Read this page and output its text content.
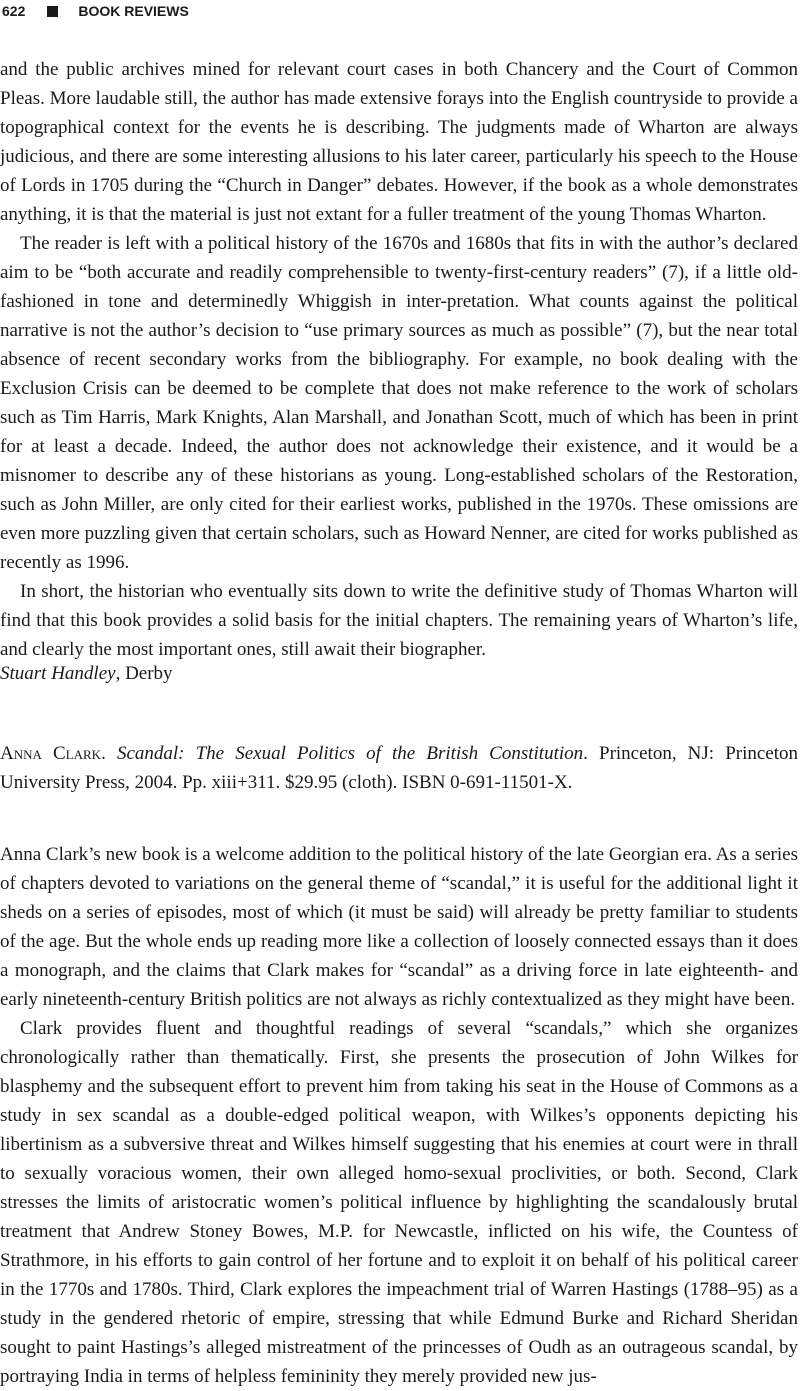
622	BOOK REVIEWS

and the public archives mined for relevant court cases in both Chancery and the Court of Common Pleas. More laudable still, the author has made extensive forays into the English countryside to provide a topographical context for the events he is describing. The judgments made of Wharton are always judicious, and there are some interesting allusions to his later career, particularly his speech to the House of Lords in 1705 during the “Church in Danger” debates. However, if the book as a whole demonstrates anything, it is that the material is just not extant for a fuller treatment of the young Thomas Wharton.

The reader is left with a political history of the 1670s and 1680s that fits in with the author’s declared aim to be “both accurate and readily comprehensible to twenty-first-century readers” (7), if a little old-fashioned in tone and determinedly Whiggish in inter-pretation. What counts against the political narrative is not the author’s decision to “use primary sources as much as possible” (7), but the near total absence of recent secondary works from the bibliography. For example, no book dealing with the Exclusion Crisis can be deemed to be complete that does not make reference to the work of scholars such as Tim Harris, Mark Knights, Alan Marshall, and Jonathan Scott, much of which has been in print for at least a decade. Indeed, the author does not acknowledge their existence, and it would be a misnomer to describe any of these historians as young. Long-established scholars of the Restoration, such as John Miller, are only cited for their earliest works, published in the 1970s. These omissions are even more puzzling given that certain scholars, such as Howard Nenner, are cited for works published as recently as 1996.

In short, the historian who eventually sits down to write the definitive study of Thomas Wharton will find that this book provides a solid basis for the initial chapters. The remaining years of Wharton’s life, and clearly the most important ones, still await their biographer.

Stuart Handley, Derby

Anna Clark. Scandal: The Sexual Politics of the British Constitution. Princeton, NJ: Princeton University Press, 2004. Pp. xiii+311. $29.95 (cloth). ISBN 0-691-11501-X.

Anna Clark’s new book is a welcome addition to the political history of the late Georgian era. As a series of chapters devoted to variations on the general theme of “scandal,” it is useful for the additional light it sheds on a series of episodes, most of which (it must be said) will already be pretty familiar to students of the age. But the whole ends up reading more like a collection of loosely connected essays than it does a monograph, and the claims that Clark makes for “scandal” as a driving force in late eighteenth- and early nineteenth-century British politics are not always as richly contextualized as they might have been.

Clark provides fluent and thoughtful readings of several “scandals,” which she organizes chronologically rather than thematically. First, she presents the prosecution of John Wilkes for blasphemy and the subsequent effort to prevent him from taking his seat in the House of Commons as a study in sex scandal as a double-edged political weapon, with Wilkes’s opponents depicting his libertinism as a subversive threat and Wilkes himself suggesting that his enemies at court were in thrall to sexually voracious women, their own alleged homo-sexual proclivities, or both. Second, Clark stresses the limits of aristocratic women’s political influence by highlighting the scandalously brutal treatment that Andrew Stoney Bowes, M.P. for Newcastle, inflicted on his wife, the Countess of Strathmore, in his efforts to gain control of her fortune and to exploit it on behalf of his political career in the 1770s and 1780s. Third, Clark explores the impeachment trial of Warren Hastings (1788–95) as a study in the gendered rhetoric of empire, stressing that while Edmund Burke and Richard Sheridan sought to paint Hastings’s alleged mistreatment of the princesses of Oudh as an outrageous scandal, by portraying India in terms of helpless femininity they merely provided new jus-
